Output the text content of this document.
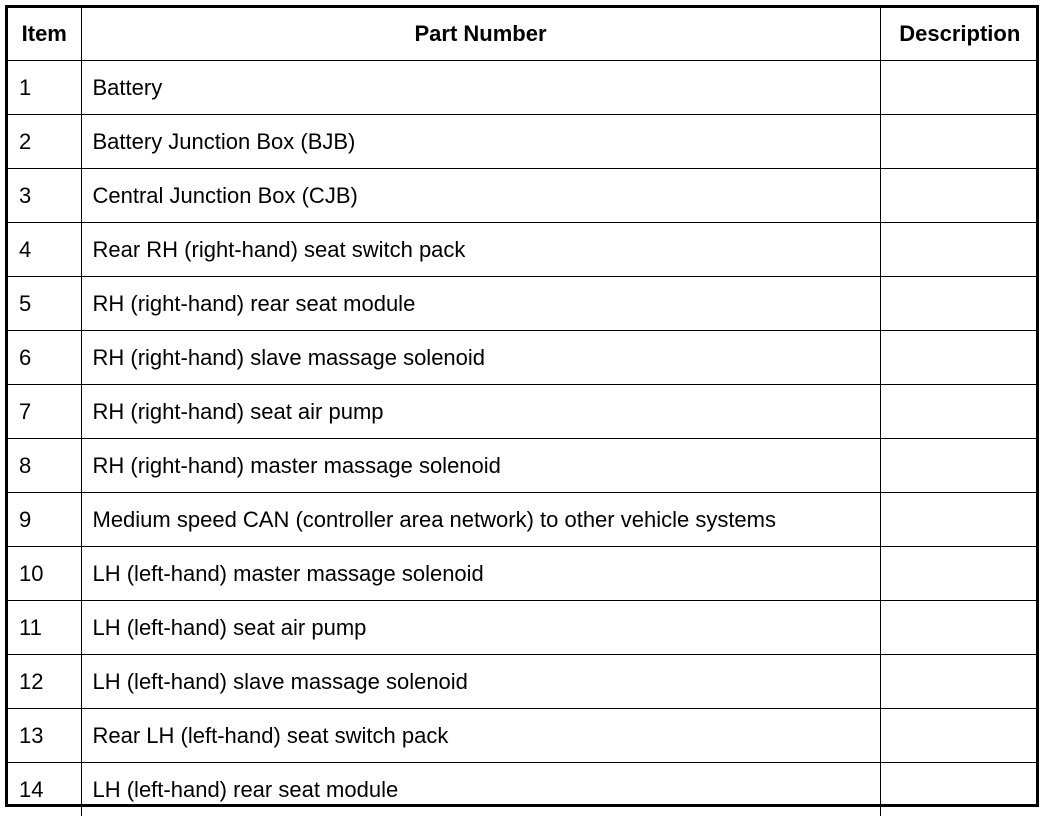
Item	Part Number	Description
1	Battery	
2	Battery Junction Box (BJB)	
3	Central Junction Box (CJB)	
4	Rear RH (right-hand) seat switch pack	
5	RH (right-hand) rear seat module	
6	RH (right-hand) slave massage solenoid	
7	RH (right-hand) seat air pump	
8	RH (right-hand) master massage solenoid	
9	Medium speed CAN (controller area network) to other vehicle systems	
10	LH (left-hand) master massage solenoid	
11	LH (left-hand) seat air pump	
12	LH (left-hand) slave massage solenoid	
13	Rear LH (left-hand) seat switch pack	
14	LH (left-hand) rear seat module	
